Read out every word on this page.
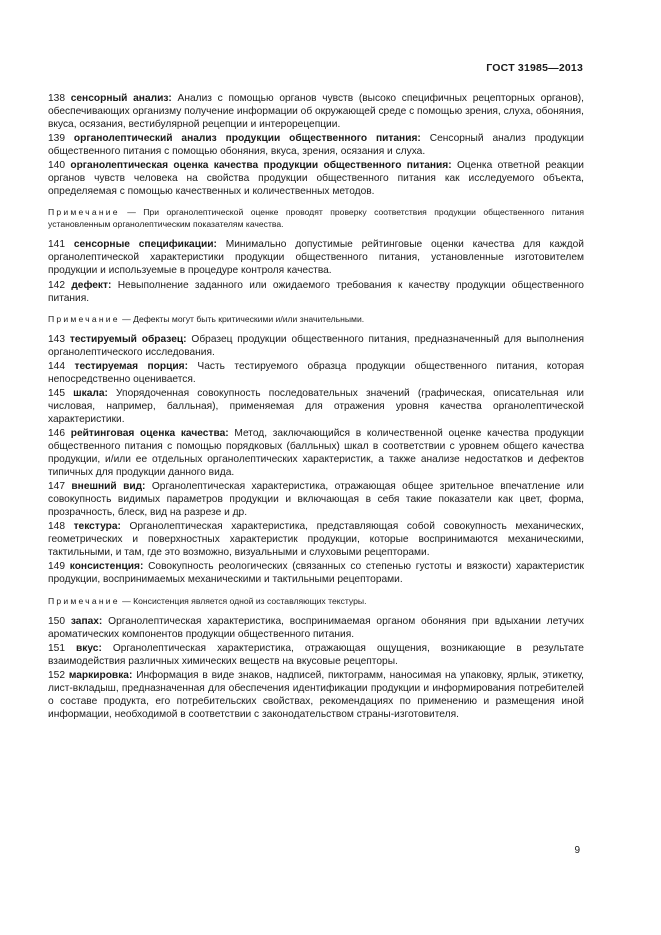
ГОСТ 31985—2013

138 сенсорный анализ: Анализ с помощью органов чувств (высоко специфичных рецепторных органов), обеспечивающих организму получение информации об окружающей среде с помощью зрения, слуха, обоняния, вкуса, осязания, вестибулярной рецепции и интерорецепции.

139 органолептический анализ продукции общественного питания: Сенсорный анализ продукции общественного питания с помощью обоняния, вкуса, зрения, осязания и слуха.

140 органолептическая оценка качества продукции общественного питания: Оценка ответной реакции органов чувств человека на свойства продукции общественного питания как исследуемого объекта, определяемая с помощью качественных и количественных методов.

Примечание — При органолептической оценке проводят проверку соответствия продукции общественного питания установленным органолептическим показателям качества.

141 сенсорные спецификации: Минимально допустимые рейтинговые оценки качества для каждой органолептической характеристики продукции общественного питания, установленные изготовителем продукции и используемые в процедуре контроля качества.

142 дефект: Невыполнение заданного или ожидаемого требования к качеству продукции общественного питания.

Примечание — Дефекты могут быть критическими и/или значительными.

143 тестируемый образец: Образец продукции общественного питания, предназначенный для выполнения органолептического исследования.

144 тестируемая порция: Часть тестируемого образца продукции общественного питания, которая непосредственно оценивается.

145 шкала: Упорядоченная совокупность последовательных значений (графическая, описательная или числовая, например, балльная), применяемая для отражения уровня качества органолептической характеристики.

146 рейтинговая оценка качества: Метод, заключающийся в количественной оценке качества продукции общественного питания с помощью порядковых (балльных) шкал в соответствии с уровнем общего качества продукции, и/или ее отдельных органолептических характеристик, а также анализе недостатков и дефектов типичных для продукции данного вида.

147 внешний вид: Органолептическая характеристика, отражающая общее зрительное впечатление или совокупность видимых параметров продукции и включающая в себя такие показатели как цвет, форма, прозрачность, блеск, вид на разрезе и др.

148 текстура: Органолептическая характеристика, представляющая собой совокупность механических, геометрических и поверхностных характеристик продукции, которые воспринимаются механическими, тактильными, и там, где это возможно, визуальными и слуховыми рецепторами.

149 консистенция: Совокупность реологических (связанных со степенью густоты и вязкости) характеристик продукции, воспринимаемых механическими и тактильными рецепторами.

Примечание — Консистенция является одной из составляющих текстуры.

150 запах: Органолептическая характеристика, воспринимаемая органом обоняния при вдыхании летучих ароматических компонентов продукции общественного питания.

151 вкус: Органолептическая характеристика, отражающая ощущения, возникающие в результате взаимодействия различных химических веществ на вкусовые рецепторы.

152 маркировка: Информация в виде знаков, надписей, пиктограмм, наносимая на упаковку, ярлык, этикетку, лист-вкладыш, предназначенная для обеспечения идентификации продукции и информирования потребителей о составе продукта, его потребительских свойствах, рекомендациях по применению и размещения иной информации, необходимой в соответствии с законодательством страны-изготовителя.

9
